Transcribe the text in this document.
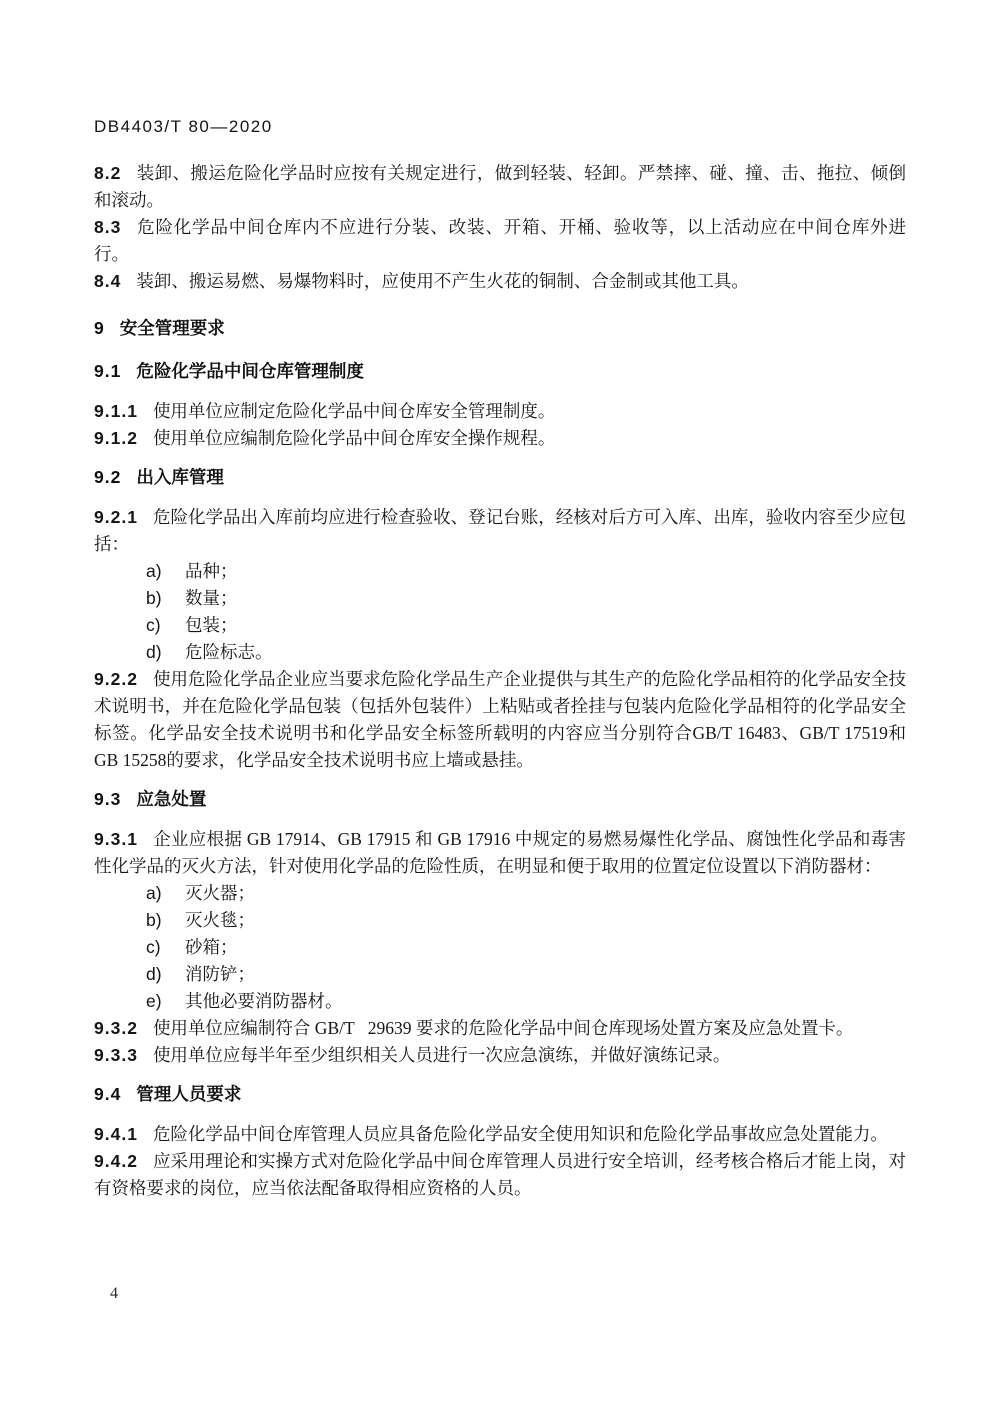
DB4403/T 80—2020

8.2 装卸、搬运危险化学品时应按有关规定进行，做到轻装、轻卸。严禁摔、碰、撞、击、拖拉、倾倒和滚动。

8.3 危险化学品中间仓库内不应进行分装、改装、开箱、开桶、验收等，以上活动应在中间仓库外进行。

8.4 装卸、搬运易燃、易爆物料时，应使用不产生火花的铜制、合金制或其他工具。

9 安全管理要求
9.1 危险化学品中间仓库管理制度

9.1.1 使用单位应制定危险化学品中间仓库安全管理制度。

9.1.2 使用单位应编制危险化学品中间仓库安全操作规程。

9.2 出入库管理

9.2.1 危险化学品出入库前均应进行检查验收、登记台账，经核对后方可入库、出库，验收内容至少应包括：

a) 品种；
b) 数量；
c) 包装；
d) 危险标志。

9.2.2 使用危险化学品企业应当要求危险化学品生产企业提供与其生产的危险化学品相符的化学品安全技术说明书，并在危险化学品包装（包括外包装件）上粘贴或者拴挂与包装内危险化学品相符的化学品安全标签。化学品安全技术说明书和化学品安全标签所载明的内容应当分别符合GB/T 16483、GB/T 17519和GB 15258的要求，化学品安全技术说明书应上墙或悬挂。

9.3 应急处置

9.3.1 企业应根据 GB 17914、GB 17915 和 GB 17916 中规定的易燃易爆性化学品、腐蚀性化学品和毒害性化学品的灭火方法，针对使用化学品的危险性质，在明显和便于取用的位置定位设置以下消防器材：

a) 灭火器；
b) 灭火毯；
c) 砂箱；
d) 消防铲；
e) 其他必要消防器材。

9.3.2 使用单位应编制符合 GB/T  29639 要求的危险化学品中间仓库现场处置方案及应急处置卡。

9.3.3 使用单位应每半年至少组织相关人员进行一次应急演练，并做好演练记录。

9.4 管理人员要求

9.4.1 危险化学品中间仓库管理人员应具备危险化学品安全使用知识和危险化学品事故应急处置能力。

9.4.2 应采用理论和实操方式对危险化学品中间仓库管理人员进行安全培训，经考核合格后才能上岗，对有资格要求的岗位，应当依法配备取得相应资格的人员。

4
